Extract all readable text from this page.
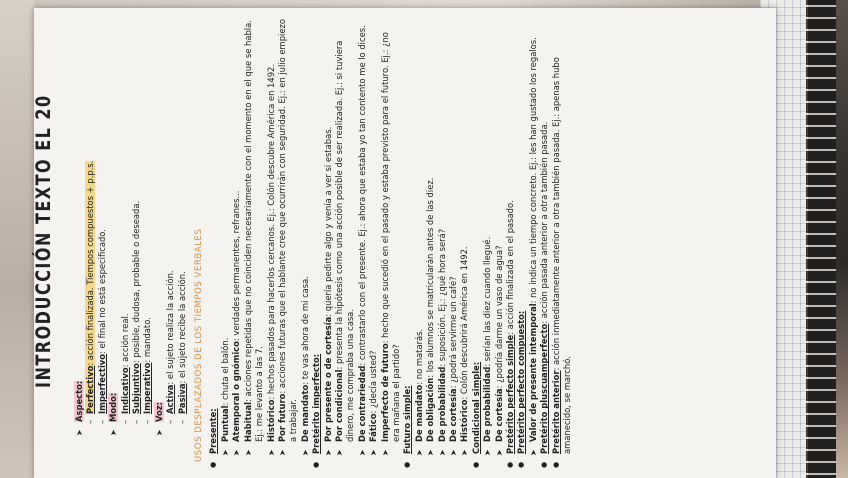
INTRODUCCIÓN TEXTO EL 20
➤ Aspecto: – Perfectivo: acción finalizada. Tiempos compuestos + p.p.s.
– Imperfectivo: el final no está especificado.
➤ Modo: – Indicativo: acción real.
– Subjuntivo: posible, dudosa, probable o deseada.
– Imperativo: mandato.
➤ Voz: – Activa: el sujeto realiza la acción.
– Pasiva: el sujeto recibe la acción. USOS DESPLAZADOS DE LOS TIEMPOS VERBALES ● Presente: ➤ Puntual: chuta el balón. ➤ Atemporal o gnómico: verdades permanentes, refranes...
➤ Habitual: acciones repetidas que no coinciden necesariamente con el momento en el que se habla. Ej.: me levanto a las 7. ➤ Histórico: hechos pasados para hacerlos cercanos. Ej.: Colón descubre América en 1492.
➤ Por futuro: acciones futuras que el hablante cree que ocurrirán con seguridad. Ej.: en julio empiezo a trabajar. ➤ De mandato: te vas ahora de mi casa.
● Pretérito imperfecto: ➤ Por presente o de cortesía: quería pedirte algo y venía a ver si estabas.
➤ Por condicional: presenta la hipótesis como una acción posible de ser realizada. Ej.: si tuviera dinero, me compraba una casa. ➤ De contrariedad: contrastarlo con el presente. Ej.: ahora que estaba yo tan contento me lo dices.
➤ Fático: ¿decía usted? ➤ Imperfecto de futuro: hecho que sucedió en el pasado y estaba previsto para el futuro. Ej.: ¿no era mañana el partido? ● Futuro simple: ➤ De mandato: no matarás.
➤ De obligación: los alumnos se matricularán antes de las diez.
➤ De probabilidad: suposición. Ej.: ¿qué hora será?
➤ De cortesía: ¿podrá servirme un café?
➤ Histórico: Colón descubrirá América en 1492.
● Condicional simple: ➤ De probabilidad: serían las diez cuando llegué.
➤ De cortesía: ¿podría darme un vaso de agua?
● Pretérito perfecto simple: acción finalizada en el pasado.
● Pretérito perfecto compuesto: ➤ Valor de presente intemporal: no indica un tiempo concreto. Ej.: les han gustado los regalos.
● Pretérito pluscuamperfecto: acción pasada anterior a otra también pasada.
● Pretérito anterior: acción inmediatamente anterior a otra también pasada. Ej.: apenas hubo amanecido, se marchó.
